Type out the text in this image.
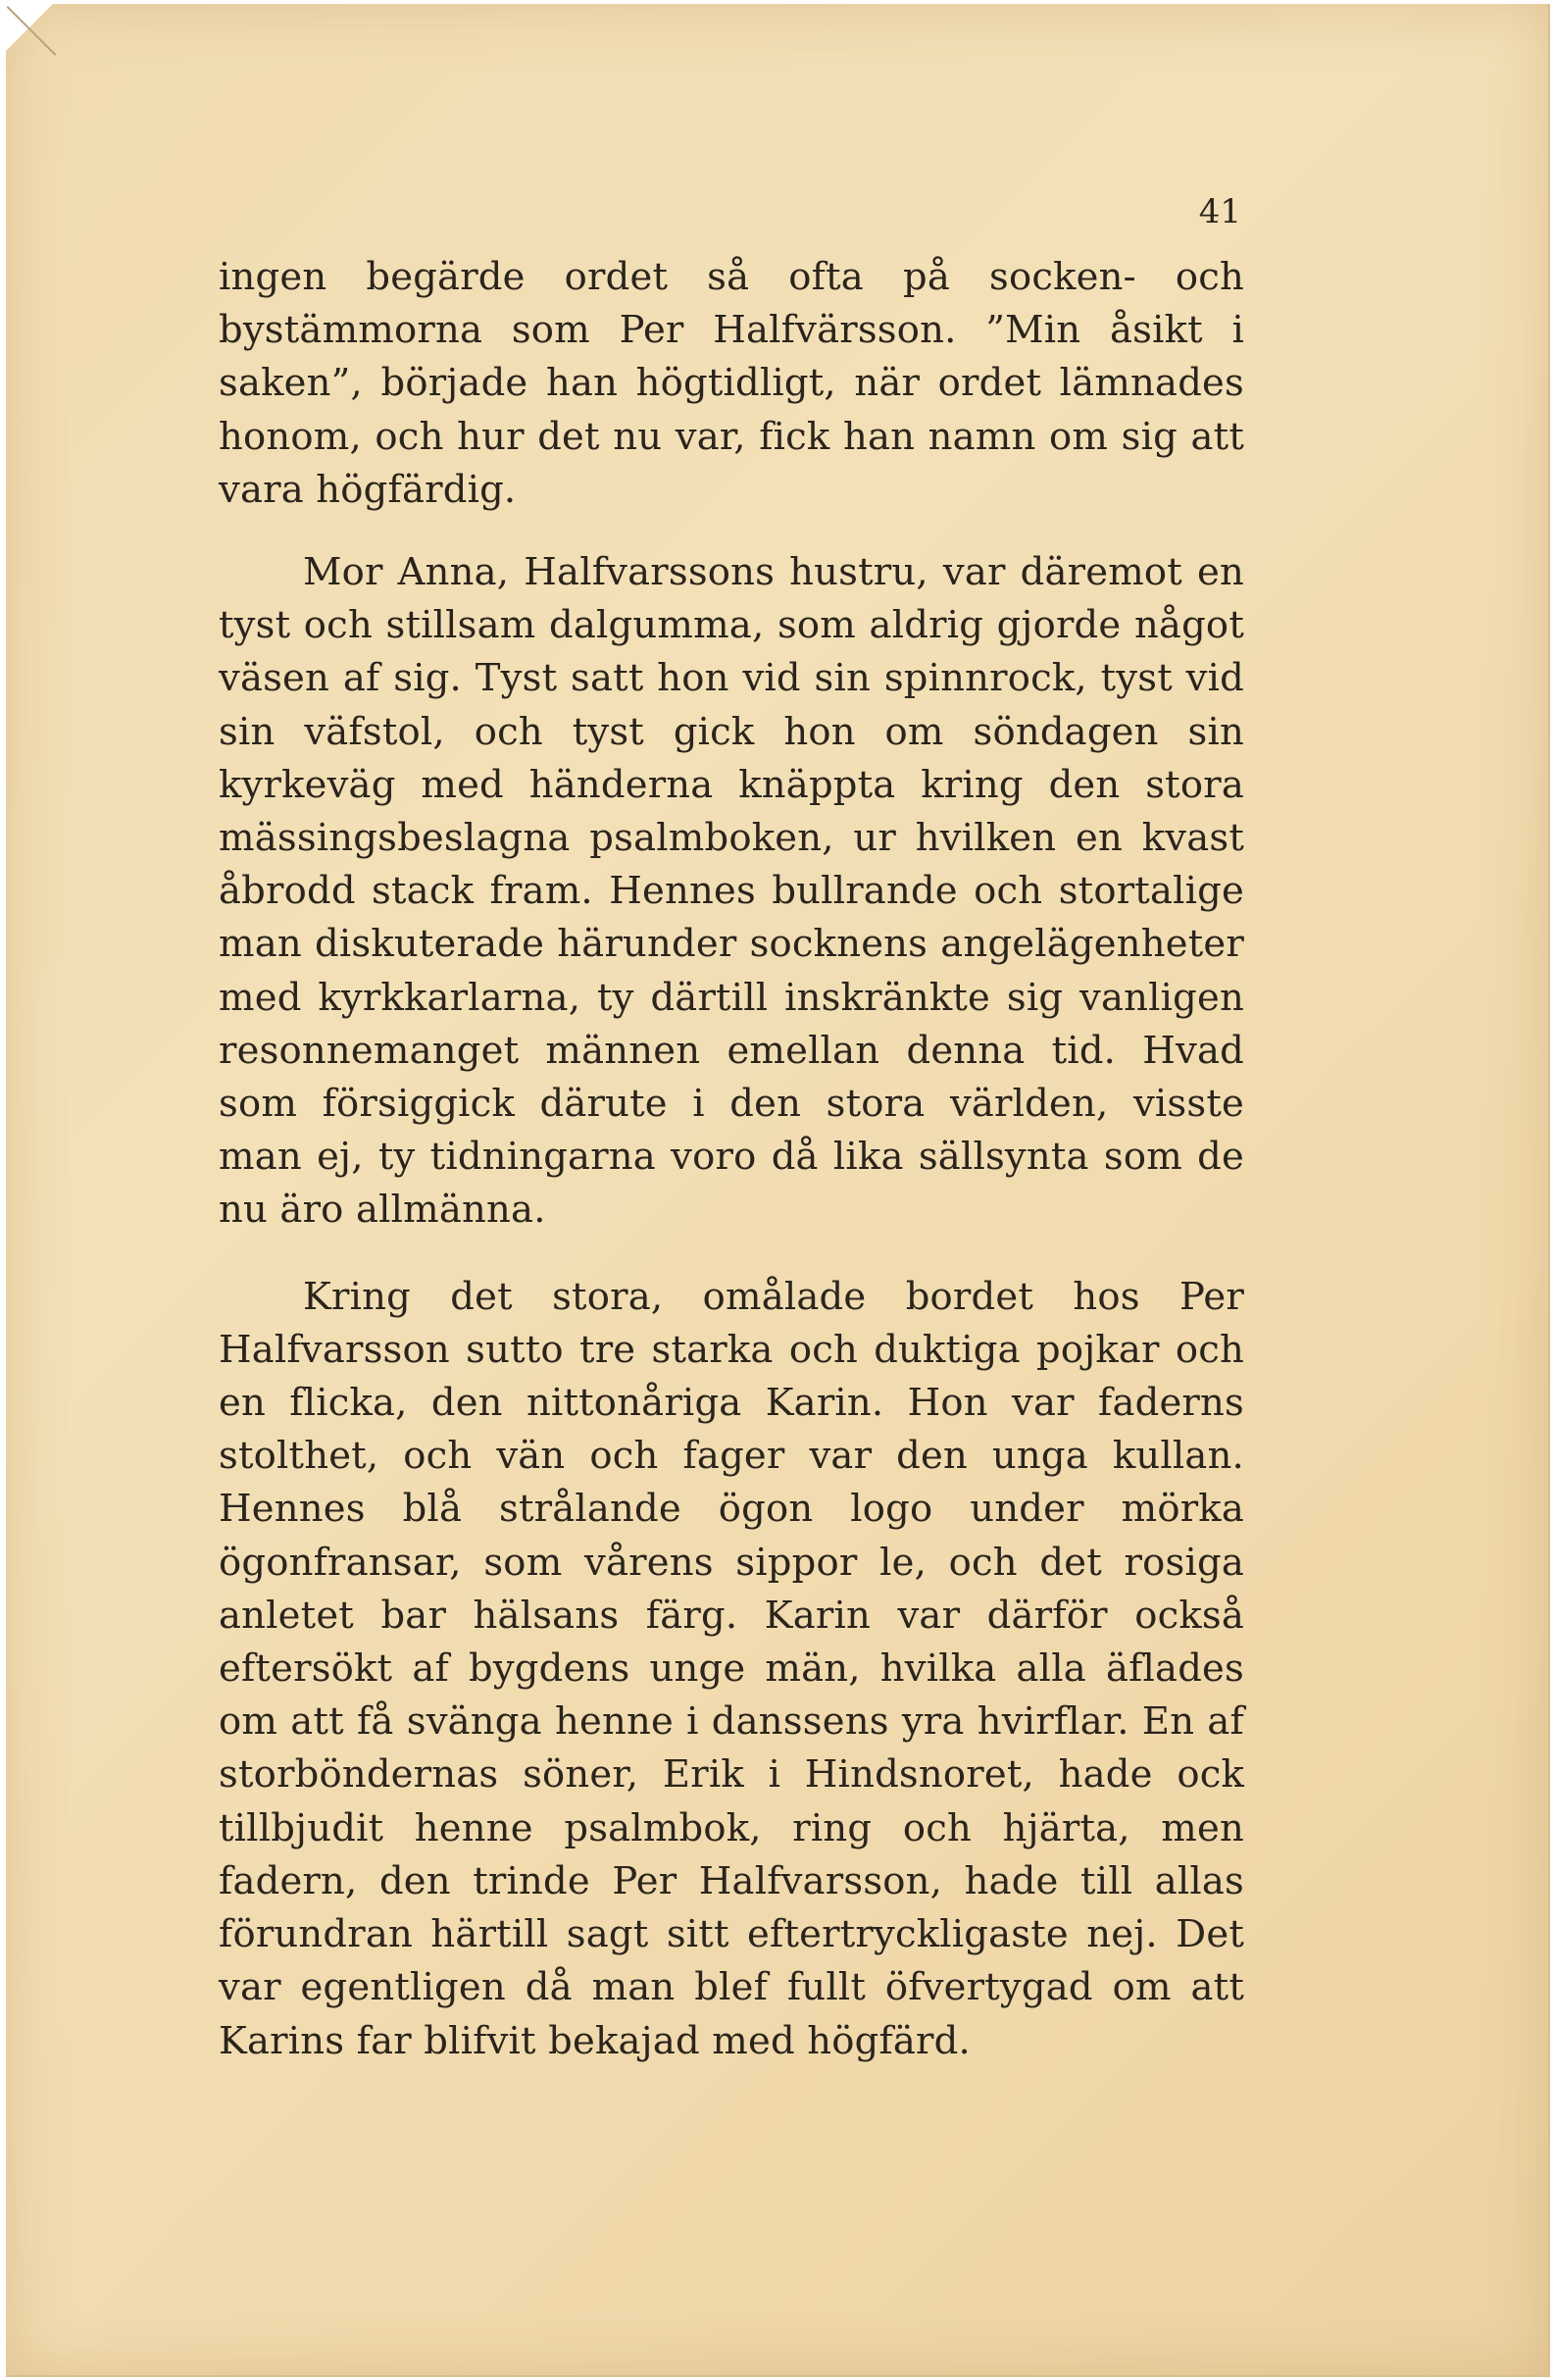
41

ingen begärde ordet så ofta på socken- och bystämmorna som Per Halfvärsson. ”Min åsikt i saken”, började han högtidligt, när ordet lämnades honom, och hur det nu var, fick han namn om sig att vara högfärdig.

Mor Anna, Halfvarssons hustru, var däremot en tyst och stillsam dalgumma, som aldrig gjorde något väsen af sig. Tyst satt hon vid sin spinnrock, tyst vid sin väfstol, och tyst gick hon om söndagen sin kyrkeväg med händerna knäppta kring den stora mässingsbeslagna psalmboken, ur hvilken en kvast åbrodd stack fram. Hennes bullrande och stortalige man diskuterade härunder socknens angelägenheter med kyrkkarlarna, ty därtill inskränkte sig vanligen resonnemanget männen emellan denna tid. Hvad som försiggick därute i den stora världen, visste man ej, ty tidningarna voro då lika sällsynta som de nu äro allmänna.

Kring det stora, omålade bordet hos Per Halfvarsson sutto tre starka och duktiga pojkar och en flicka, den nittonåriga Karin. Hon var faderns stolthet, och vän och fager var den unga kullan. Hennes blå strålande ögon logo under mörka ögonfransar, som vårens sippor le, och det rosiga anletet bar hälsans färg. Karin var därför också eftersökt af bygdens unge män, hvilka alla äflades om att få svänga henne i danssens yra hvirflar. En af storböndernas söner, Erik i Hindsnoret, hade ock tillbjudit henne psalmbok, ring och hjärta, men fadern, den trinde Per Halfvarsson, hade till allas förundran härtill sagt sitt eftertryckligaste nej. Det var egentligen då man blef fullt öfvertygad om att Karins far blifvit bekajad med högfärd.
